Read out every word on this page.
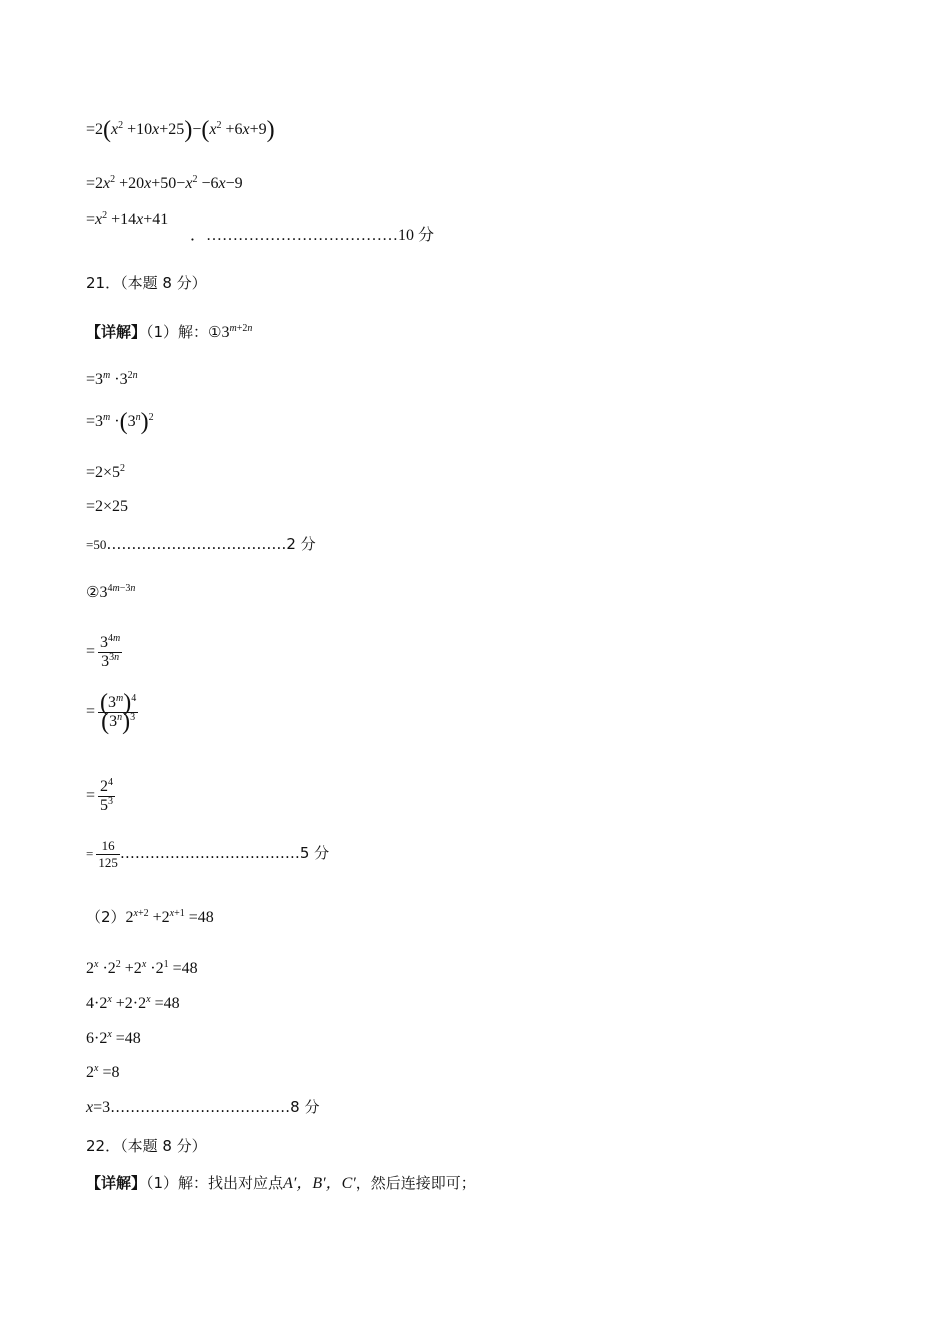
$=2(x^2 +10x+25)-(x^2 +6x+9)$
$=2x^2 +20x+50-x^2 -6x-9$
$=x^2 +14x+41$
．………………………………10 分
21．（本题 8 分）
【详解】（1）解：$①3^{m+2n}$
$=3^m \cdot 3^{2n}$
$=3^m \cdot(3^n)^2$
$=2\times 5^2$
=2×25
=50………………………………2 分
$②3^{4m-3n}$
= $\frac{3^{4m}}{3^{3n}}$
= $\frac{(3^m)^4}{(3^n)^3}$
= $\frac{2^4}{5^3}$
= $\frac{16}{125}$ ………………………………5 分
$(2)2^{x+2} +2^{x+1} =48$
$2^x \cdot 2^2 +2^x \cdot 2^1 =48$
$4\cdot 2^x +2\cdot 2^x =48$
$6\cdot 2^x =48$
$2^x =8$
x=3………………………………8 分
22．（本题 8 分）
【详解】（1）解：找出对应点A′，B′，C′，然后连接即可；
